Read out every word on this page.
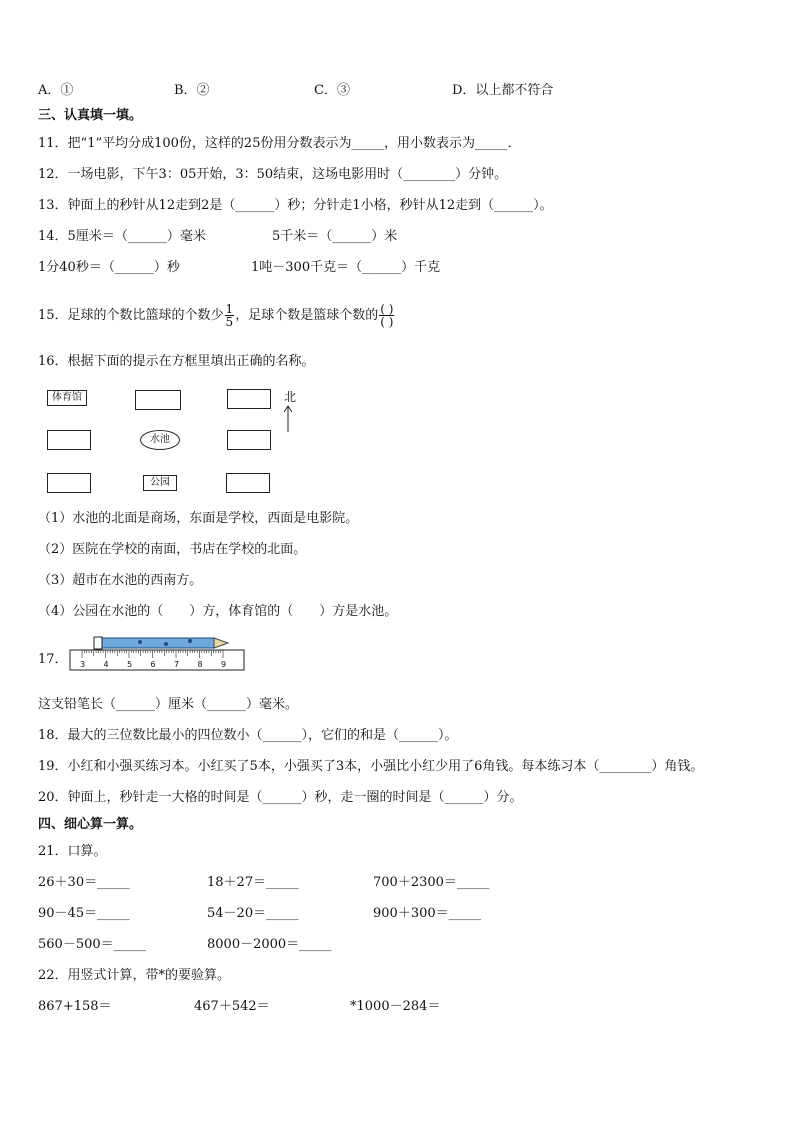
A．①	B．②	C．③	D．以上都不符合
三、认真填一填。
11．把“1”平均分成100份，这样的25份用分数表示为_____，用小数表示为_____．
12．一场电影，下午3：05开始，3：50结束，这场电影用时（________）分钟。
13．钟面上的秒针从12走到2是（______）秒；分针走1小格，秒针从12走到（______）。
14．5厘米＝（______）毫米	5千米＝（______）米
1分40秒＝（______）秒	1吨－300千克＝（______）千克
15．足球的个数比篮球的个数少 $\frac{1}{5}$ ，足球个数是篮球个数的 $\frac{( )}{( )}$
16．根据下面的提示在方框里填出正确的名称。
体育馆	北
水池
公园
（1）水池的北面是商场，东面是学校，西面是电影院。
（2）医院在学校的南面，书店在学校的北面。
（3）超市在水池的西南方。
（4）公园在水池的（　　）方，体育馆的（　　）方是水池。
17． 3 4 5 6 7 8 9
这支铅笔长（______）厘米（______）毫米。
18．最大的三位数比最小的四位数小（______），它们的和是（______）。
19．小红和小强买练习本。小红买了5本，小强买了3本，小强比小红少用了6角钱。每本练习本（________）角钱。
20．钟面上，秒针走一大格的时间是（______）秒，走一圈的时间是（______）分。
四、细心算一算。
21．口算。
26＋30＝_____	18＋27＝_____	700＋2300＝_____
90－45＝_____	54－20＝_____	900＋300＝_____
560－500＝_____	8000－2000＝_____
22．用竖式计算，带*的要验算。
867+158＝	467＋542＝	*1000－284＝
